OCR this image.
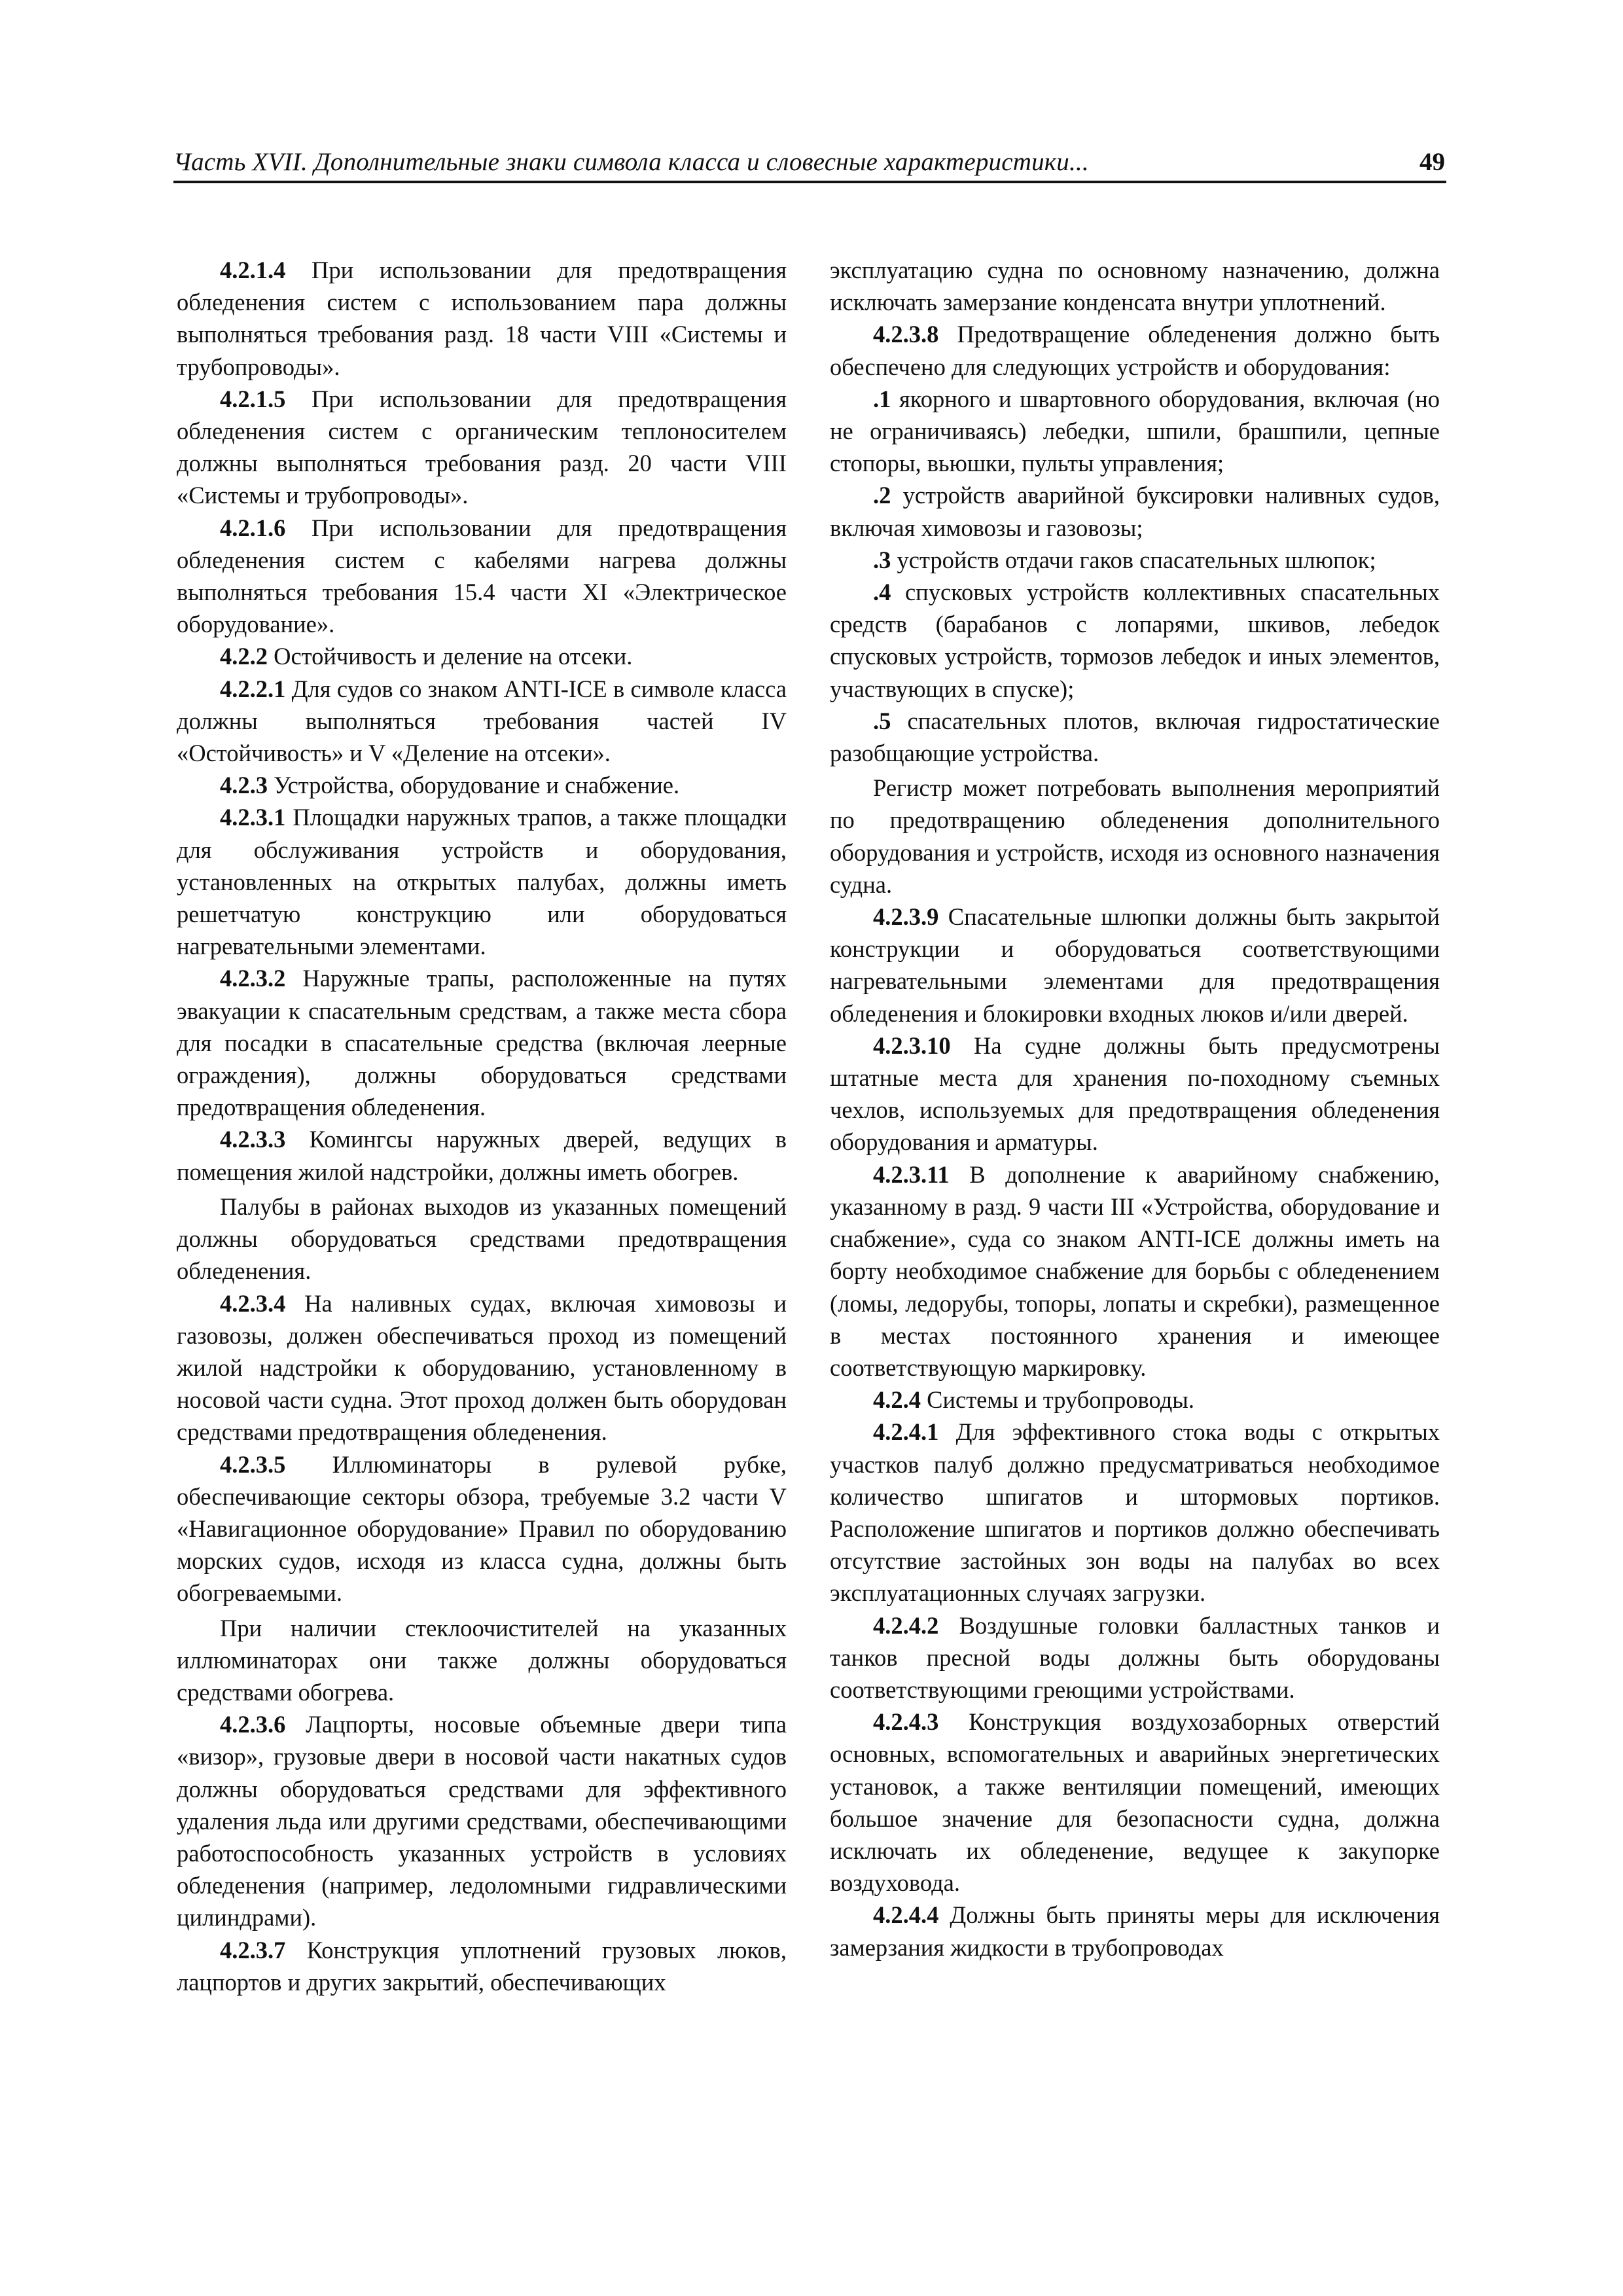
Часть XVII. Дополнительные знаки символа класса и словесные характеристики...	49

4.2.1.4 При использовании для предотвращения обледенения систем с использованием пара должны выполняться требования разд. 18 части VIII «Системы и трубопроводы».

4.2.1.5 При использовании для предотвращения обледенения систем с органическим теплоносителем должны выполняться требования разд. 20 части VIII «Системы и трубопроводы».

4.2.1.6 При использовании для предотвращения обледенения систем с кабелями нагрева должны выполняться требования 15.4 части XI «Электрическое оборудование».

4.2.2 Остойчивость и деление на отсеки.

4.2.2.1 Для судов со знаком ANTI-ICE в символе класса должны выполняться требования частей IV «Остойчивость» и V «Деление на отсеки».

4.2.3 Устройства, оборудование и снабжение.

4.2.3.1 Площадки наружных трапов, а также площадки для обслуживания устройств и оборудования, установленных на открытых палубах, должны иметь решетчатую конструкцию или оборудоваться нагревательными элементами.

4.2.3.2 Наружные трапы, расположенные на путях эвакуации к спасательным средствам, а также места сбора для посадки в спасательные средства (включая леерные ограждения), должны оборудоваться средствами предотвращения обледенения.

4.2.3.3 Комингсы наружных дверей, ведущих в помещения жилой надстройки, должны иметь обогрев.

Палубы в районах выходов из указанных помещений должны оборудоваться средствами предотвращения обледенения.

4.2.3.4 На наливных судах, включая химовозы и газовозы, должен обеспечиваться проход из помещений жилой надстройки к оборудованию, установленному в носовой части судна. Этот проход должен быть оборудован средствами предотвращения обледенения.

4.2.3.5 Иллюминаторы в рулевой рубке, обеспечивающие секторы обзора, требуемые 3.2 части V «Навигационное оборудование» Правил по оборудованию морских судов, исходя из класса судна, должны быть обогреваемыми.

При наличии стеклоочистителей на указанных иллюминаторах они также должны оборудоваться средствами обогрева.

4.2.3.6 Лацпорты, носовые объемные двери типа «визор», грузовые двери в носовой части накатных судов должны оборудоваться средствами для эффективного удаления льда или другими средствами, обеспечивающими работоспособность указанных устройств в условиях обледенения (например, ледоломными гидравлическими цилиндрами).

4.2.3.7 Конструкция уплотнений грузовых люков, лацпортов и других закрытий, обеспечивающих

эксплуатацию судна по основному назначению, должна исключать замерзание конденсата внутри уплотнений.

4.2.3.8 Предотвращение обледенения должно быть обеспечено для следующих устройств и оборудования:

.1 якорного и швартовного оборудования, включая (но не ограничиваясь) лебедки, шпили, брашпили, цепные стопоры, вьюшки, пульты управления;

.2 устройств аварийной буксировки наливных судов, включая химовозы и газовозы;

.3 устройств отдачи гаков спасательных шлюпок;

.4 спусковых устройств коллективных спасательных средств (барабанов с лопарями, шкивов, лебедок спусковых устройств, тормозов лебедок и иных элементов, участвующих в спуске);

.5 спасательных плотов, включая гидростатические разобщающие устройства.

Регистр может потребовать выполнения мероприятий по предотвращению обледенения дополнительного оборудования и устройств, исходя из основного назначения судна.

4.2.3.9 Спасательные шлюпки должны быть закрытой конструкции и оборудоваться соответствующими нагревательными элементами для предотвращения обледенения и блокировки входных люков и/или дверей.

4.2.3.10 На судне должны быть предусмотрены штатные места для хранения по-походному съемных чехлов, используемых для предотвращения обледенения оборудования и арматуры.

4.2.3.11 В дополнение к аварийному снабжению, указанному в разд. 9 части III «Устройства, оборудование и снабжение», суда со знаком ANTI-ICE должны иметь на борту необходимое снабжение для борьбы с обледенением (ломы, ледорубы, топоры, лопаты и скребки), размещенное в местах постоянного хранения и имеющее соответствующую маркировку.

4.2.4 Системы и трубопроводы.

4.2.4.1 Для эффективного стока воды с открытых участков палуб должно предусматриваться необходимое количество шпигатов и штормовых портиков. Расположение шпигатов и портиков должно обеспечивать отсутствие застойных зон воды на палубах во всех эксплуатационных случаях загрузки.

4.2.4.2 Воздушные головки балластных танков и танков пресной воды должны быть оборудованы соответствующими греющими устройствами.

4.2.4.3 Конструкция воздухозаборных отверстий основных, вспомогательных и аварийных энергетических установок, а также вентиляции помещений, имеющих большое значение для безопасности судна, должна исключать их обледенение, ведущее к закупорке воздуховода.

4.2.4.4 Должны быть приняты меры для исключения замерзания жидкости в трубопроводах
